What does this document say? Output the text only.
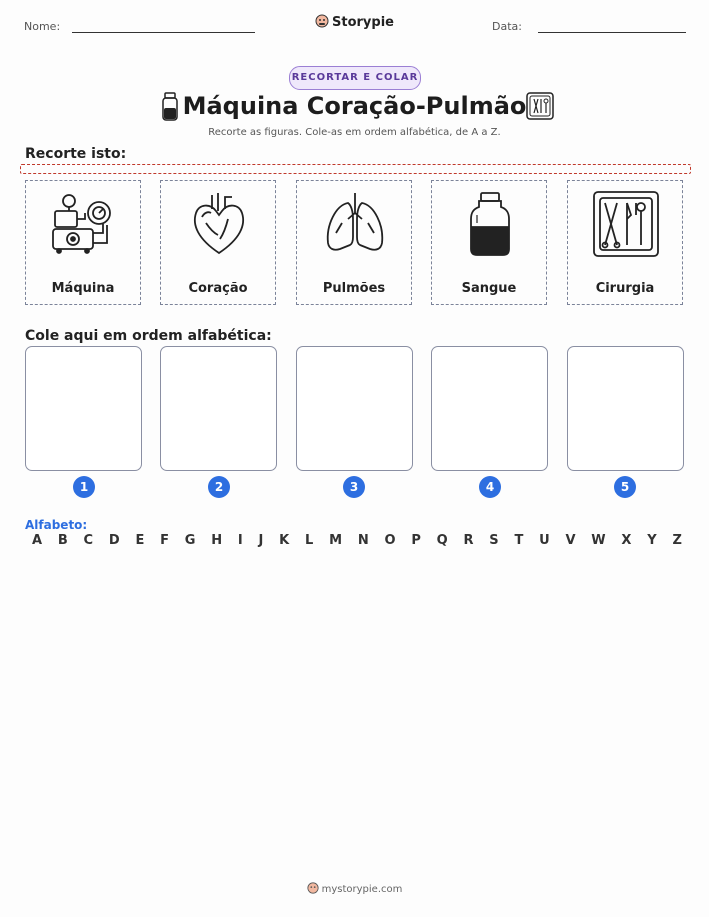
Nome:	Storypie	Data:
RECORTAR E COLAR
Máquina Coração-Pulmão
Recorte as figuras. Cole-as em ordem alfabética, de A a Z.
Recorte isto:
Máquina	Coração	Pulmões	Sangue	Cirurgia
Cole aqui em ordem alfabética:
1	2	3	4	5
Alfabeto:
A B C D E F G H I J K L M N O P Q R S T U V W X Y Z
mystorypie.com
